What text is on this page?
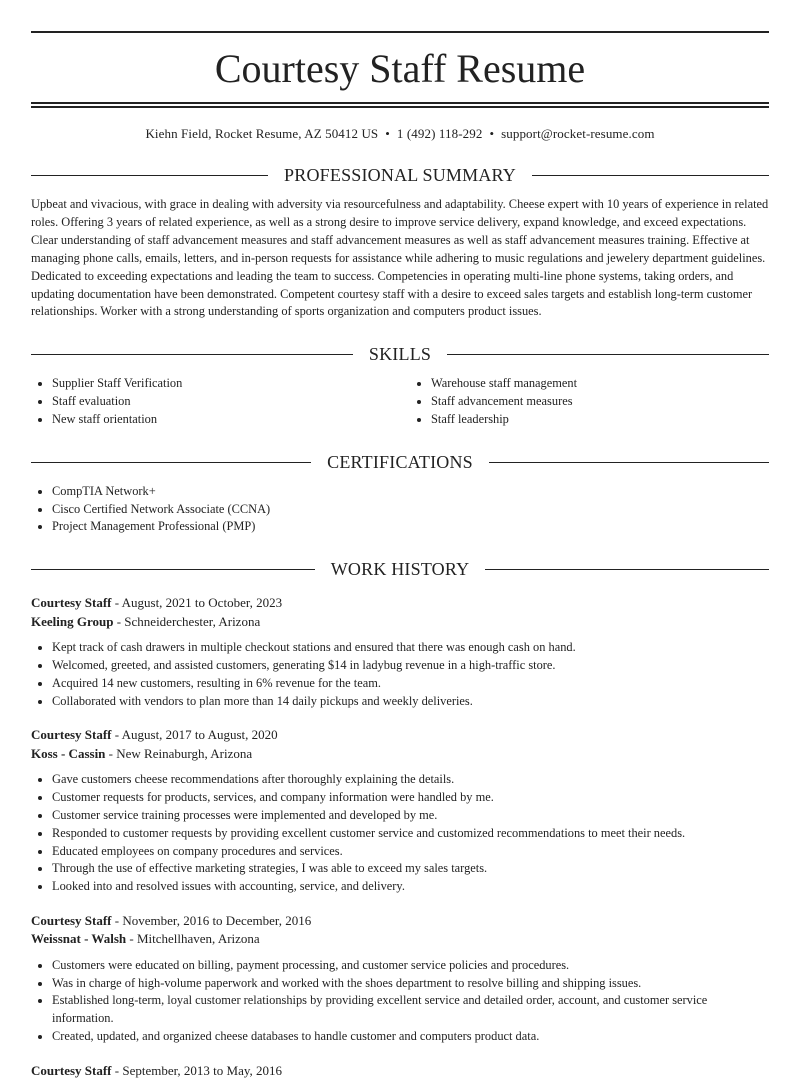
Courtesy Staff Resume
Kiehn Field, Rocket Resume, AZ 50412 US • 1 (492) 118-292 • support@rocket-resume.com
PROFESSIONAL SUMMARY

Upbeat and vivacious, with grace in dealing with adversity via resourcefulness and adaptability. Cheese expert with 10 years of experience in related roles. Offering 3 years of related experience, as well as a strong desire to improve service delivery, expand knowledge, and exceed expectations. Clear understanding of staff advancement measures and staff advancement measures as well as staff advancement measures training. Effective at managing phone calls, emails, letters, and in-person requests for assistance while adhering to music regulations and jewelery department guidelines. Dedicated to exceeding expectations and leading the team to success. Competencies in operating multi-line phone systems, taking orders, and updating documentation have been demonstrated. Competent courtesy staff with a desire to exceed sales targets and establish long-term customer relationships. Worker with a strong understanding of sports organization and computers product issues.

SKILLS
• Supplier Staff Verification
• Staff evaluation
• New staff orientation
• Warehouse staff management
• Staff advancement measures
• Staff leadership
CERTIFICATIONS
• CompTIA Network+
• Cisco Certified Network Associate (CCNA)
• Project Management Professional (PMP)
WORK HISTORY
Courtesy Staff - August, 2021 to October, 2023
Keeling Group - Schneiderchester, Arizona
• Kept track of cash drawers in multiple checkout stations and ensured that there was enough cash on hand.
• Welcomed, greeted, and assisted customers, generating $14 in ladybug revenue in a high-traffic store.
• Acquired 14 new customers, resulting in 6% revenue for the team.
• Collaborated with vendors to plan more than 14 daily pickups and weekly deliveries.
Courtesy Staff - August, 2017 to August, 2020
Koss - Cassin - New Reinaburgh, Arizona
• Gave customers cheese recommendations after thoroughly explaining the details.
• Customer requests for products, services, and company information were handled by me.
• Customer service training processes were implemented and developed by me.
• Responded to customer requests by providing excellent customer service and customized recommendations to meet their needs.
• Educated employees on company procedures and services.
• Through the use of effective marketing strategies, I was able to exceed my sales targets.
• Looked into and resolved issues with accounting, service, and delivery.
Courtesy Staff - November, 2016 to December, 2016
Weissnat - Walsh - Mitchellhaven, Arizona
• Customers were educated on billing, payment processing, and customer service policies and procedures.
• Was in charge of high-volume paperwork and worked with the shoes department to resolve billing and shipping issues.
• Established long-term, loyal customer relationships by providing excellent service and detailed order, account, and customer service information.
• Created, updated, and organized cheese databases to handle customer and computers product data.
Courtesy Staff - September, 2013 to May, 2016
